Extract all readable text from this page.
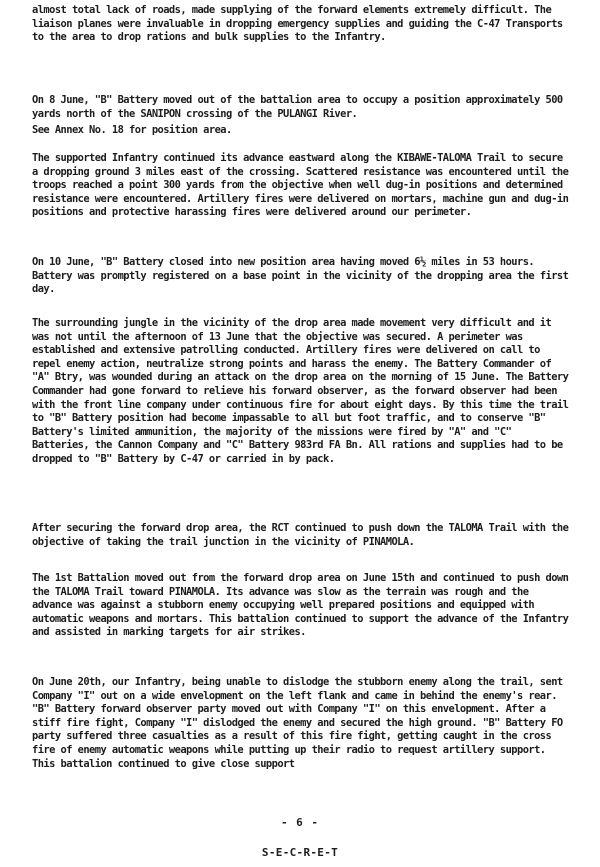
almost total lack of roads, made supplying of the forward elements extremely difficult. The liaison planes were invaluable in dropping emergency supplies and guiding the C-47 Transports to the area to drop rations and bulk supplies to the Infantry.

On 8 June, "B" Battery moved out of the battalion area to occupy a position approximately 500 yards north of the SANIPON crossing of the PULANGI River.

See Annex No. 18 for position area.

The supported Infantry continued its advance eastward along the KIBAWE-TALOMA Trail to secure a dropping ground 3 miles east of the crossing. Scattered resistance was encountered until the troops reached a point 300 yards from the objective when well dug-in positions and determined resistance were encountered. Artillery fires were delivered on mortars, machine gun and dug-in positions and protective harassing fires were delivered around our perimeter.

On 10 June, "B" Battery closed into new position area having moved 6½ miles in 53 hours. Battery was promptly registered on a base point in the vicinity of the dropping area the first day.

The surrounding jungle in the vicinity of the drop area made movement very difficult and it was not until the afternoon of 13 June that the objective was secured. A perimeter was established and extensive patrolling conducted. Artillery fires were delivered on call to repel enemy action, neutralize strong points and harass the enemy. The Battery Commander of "A" Btry, was wounded during an attack on the drop area on the morning of 15 June. The Battery Commander had gone forward to relieve his forward observer, as the forward observer had been with the front line company under continuous fire for about eight days. By this time the trail to "B" Battery position had become impassable to all but foot traffic, and to conserve "B" Battery's limited ammunition, the majority of the missions were fired by "A" and "C" Batteries, the Cannon Company and "C" Battery 983rd FA Bn. All rations and supplies had to be dropped to "B" Battery by C-47 or carried in by pack.

After securing the forward drop area, the RCT continued to push down the TALOMA Trail with the objective of taking the trail junction in the vicinity of PINAMOLA.

The 1st Battalion moved out from the forward drop area on June 15th and continued to push down the TALOMA Trail toward PINAMOLA. Its advance was slow as the terrain was rough and the advance was against a stubborn enemy occupying well prepared positions and equipped with automatic weapons and mortars. This battalion continued to support the advance of the Infantry and assisted in marking targets for air strikes.

On June 20th, our Infantry, being unable to dislodge the stubborn enemy along the trail, sent Company "I" out on a wide envelopment on the left flank and came in behind the enemy's rear. "B" Battery forward observer party moved out with Company "I" on this envelopment. After a stiff fire fight, Company "I" dislodged the enemy and secured the high ground. "B" Battery FO party suffered three casualties as a result of this fire fight, getting caught in the cross fire of enemy automatic weapons while putting up their radio to request artillery support. This battalion continued to give close support

- 6 -
S-E-C-R-E-T
